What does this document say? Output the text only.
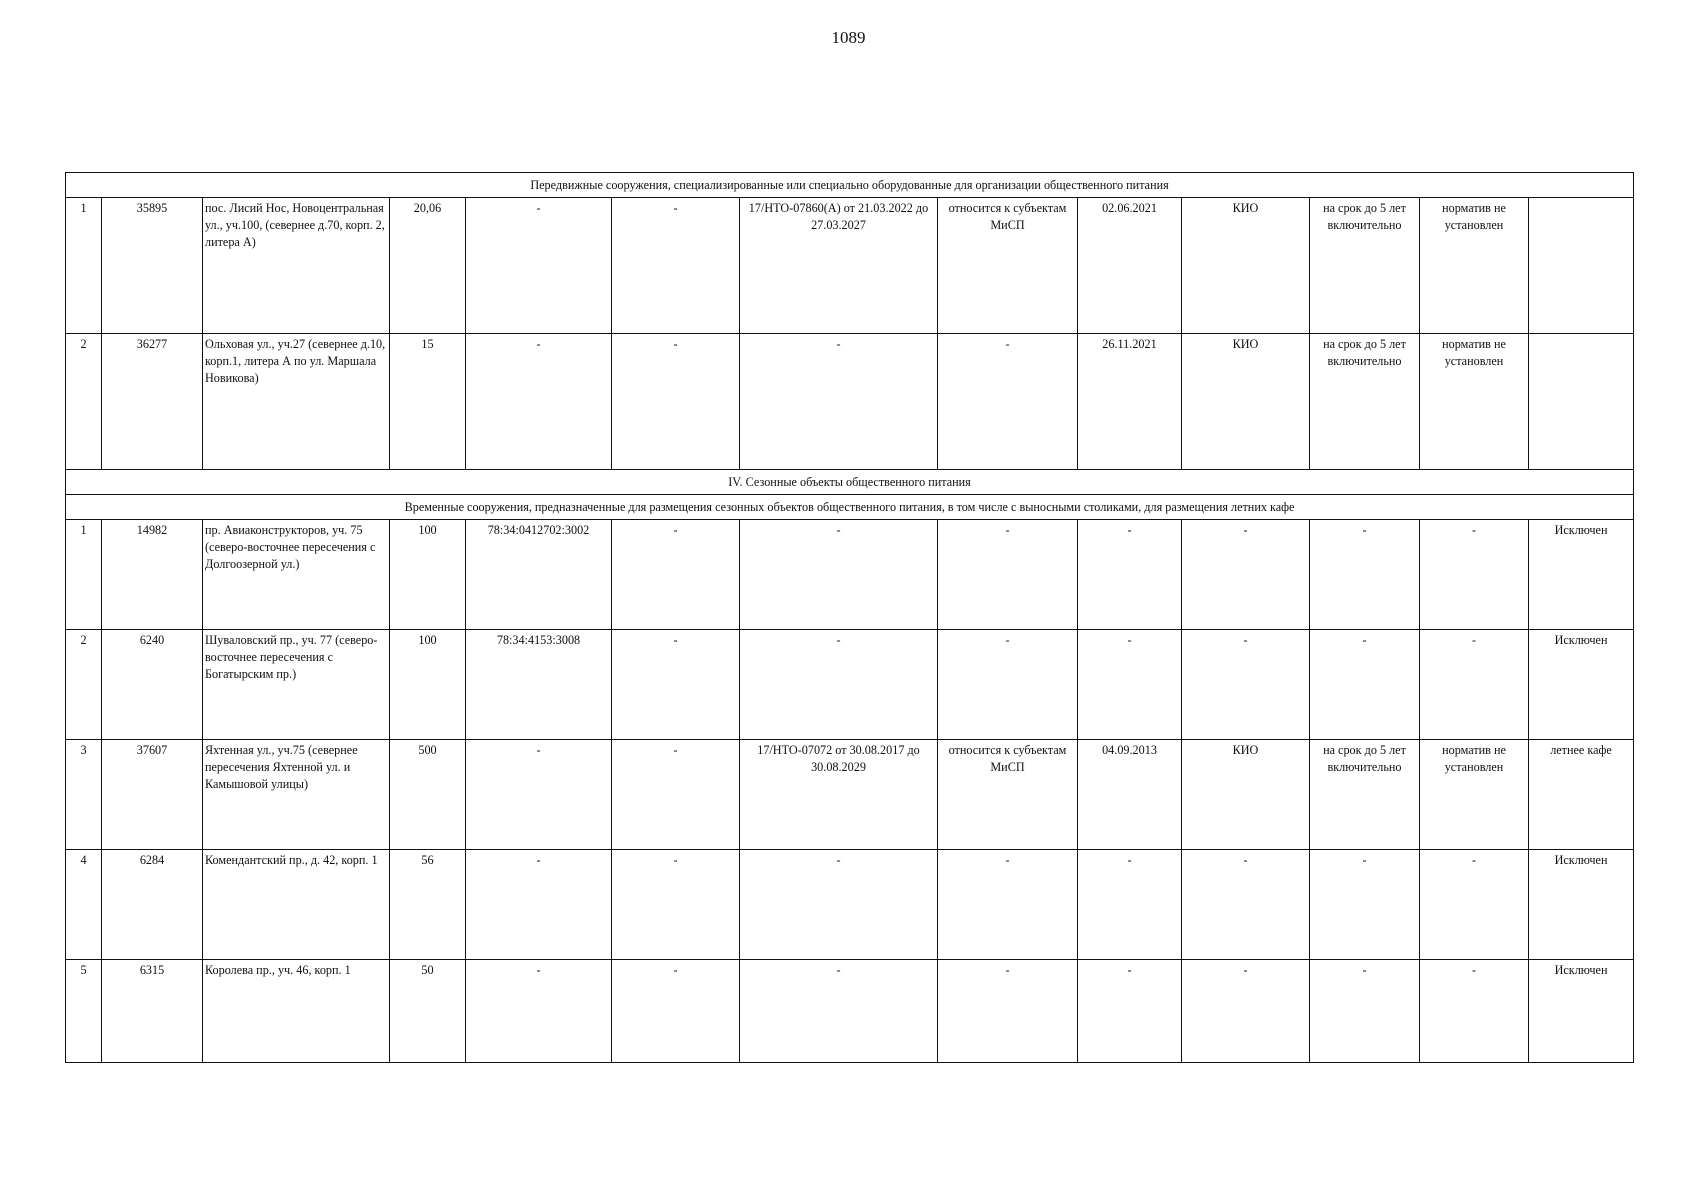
1089
Передвижные сооружения, специализированные или специально оборудованные для организации общественного питания												
1	35895	пос. Лисий Нос, Новоцентральная ул., уч.100, (севернее д.70, корп. 2, литера А)	20,06	-	-	17/НТО-07860(А) от 21.03.2022 до 27.03.2027	относится к субъектам МиСП	02.06.2021	КИО	на срок до 5 лет включительно	норматив не установлен	
2	36277	Ольховая ул., уч.27 (севернее д.10, корп.1, литера А по ул. Маршала Новикова)	15	-	-	-	-	26.11.2021	КИО	на срок до 5 лет включительно	норматив не установлен	
IV. Сезонные объекты общественного питания												
Временные сооружения, предназначенные для размещения сезонных объектов общественного питания, в том числе с выносными столиками, для размещения летних кафе												
1	14982	пр. Авиаконструкторов, уч. 75 (северо-восточнее пересечения с Долгоозерной ул.)	100	78:34:0412702:3002	-	-	-	-	-	-	-	Исключен
2	6240	Шуваловский пр., уч. 77 (северо-восточнее пересечения с Богатырским пр.)	100	78:34:4153:3008	-	-	-	-	-	-	-	Исключен
3	37607	Яхтенная ул., уч.75 (севернее пересечения Яхтенной ул. и Камышовой улицы)	500	-	-	17/НТО-07072 от 30.08.2017 до 30.08.2029	относится к субъектам МиСП	04.09.2013	КИО	на срок до 5 лет включительно	норматив не установлен	летнее кафе
4	6284	Комендантский пр., д. 42, корп. 1	56	-	-	-	-	-	-	-	-	Исключен
5	6315	Королева пр., уч. 46, корп. 1	50	-	-	-	-	-	-	-	-	Исключен
